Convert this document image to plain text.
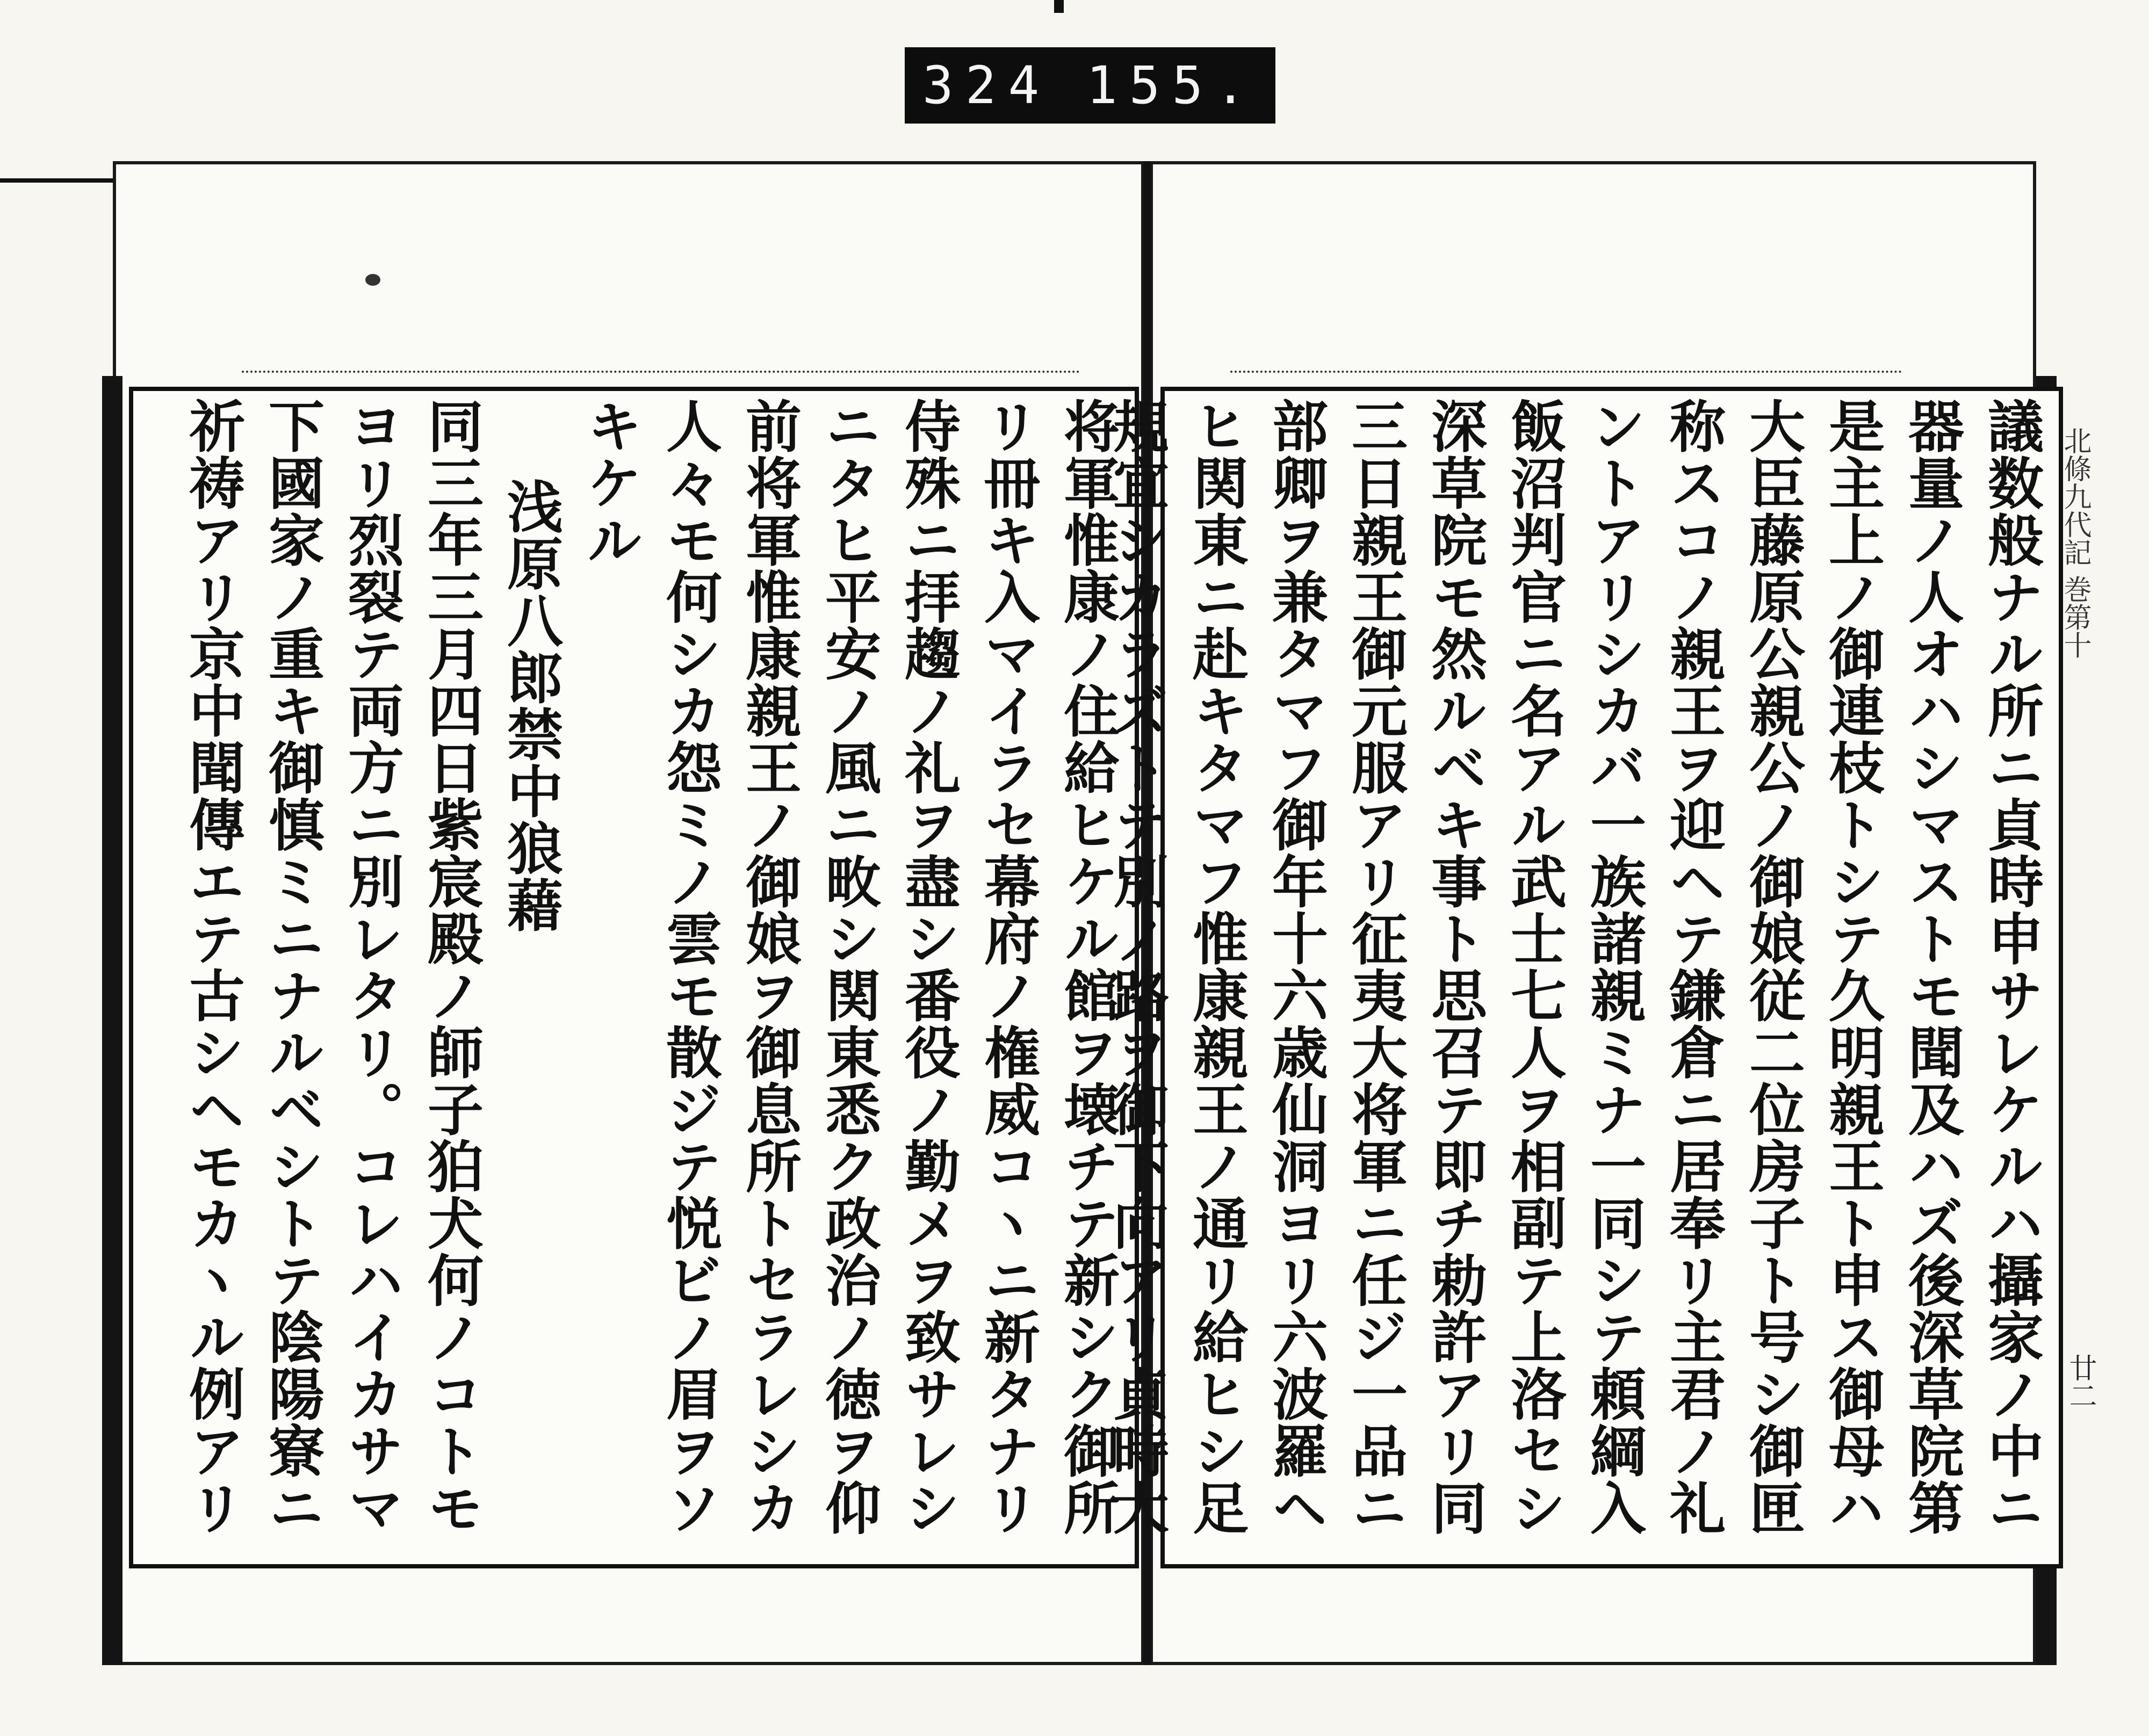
324 155.
将軍惟康ノ住給ヒケル館ヲ壊チテ新シク御所
リ冊キ入マイラセ幕府ノ権威コヽニ新タナリ
侍殊ニ拝趨ノ礼ヲ盡シ番役ノ勤メヲ致サレシ
ニタヒ平安ノ風ニ畋シ関東悉ク政治ノ徳ヲ仰
前将軍惟康親王ノ御娘ヲ御息所トセラレシカ
人々モ何シカ怨ミノ雲モ散ジテ悦ビノ眉ヲソ
キケル
浅原八郎禁中狼藉
同三年三月四日紫宸殿ノ師子狛犬何ノコトモ
ヨリ烈裂テ両方ニ別レタリ。コレハイカサマ
下國家ノ重キ御慎ミニナルベシトテ陰陽寮ニ
祈祷アリ京中聞傳エテ古シヘモカヽル例アリ
議数般ナル所ニ貞時申サレケルハ攝家ノ中ニ
器量ノ人オハシマストモ聞及ハズ後深草院第
是主上ノ御連枝トシテ久明親王ト申ス御母ハ
大臣藤原公親公ノ御娘従二位房子ト号シ御匣
称スコノ親王ヲ迎ヘテ鎌倉ニ居奉リ主君ノ礼
ントアリシカバ一族諸親ミナ一同シテ頼綱入
飯沼判官ニ名アル武士七人ヲ相副テ上洛セシ
深草院モ然ルベキ事ト思召テ即チ勅許アリ同
三日親王御元服アリ征夷大将軍ニ任ジ一品ニ
部卿ヲ兼タマフ御年十六歳仙洞ヨリ六波羅ヘ
ヒ関東ニ赴キタマフ惟康親王ノ通リ給ヒシ足
規宜シカラズトテ別ノ路ヲ御下向アリ貞時大
北條九代記 巻第十
廿二
